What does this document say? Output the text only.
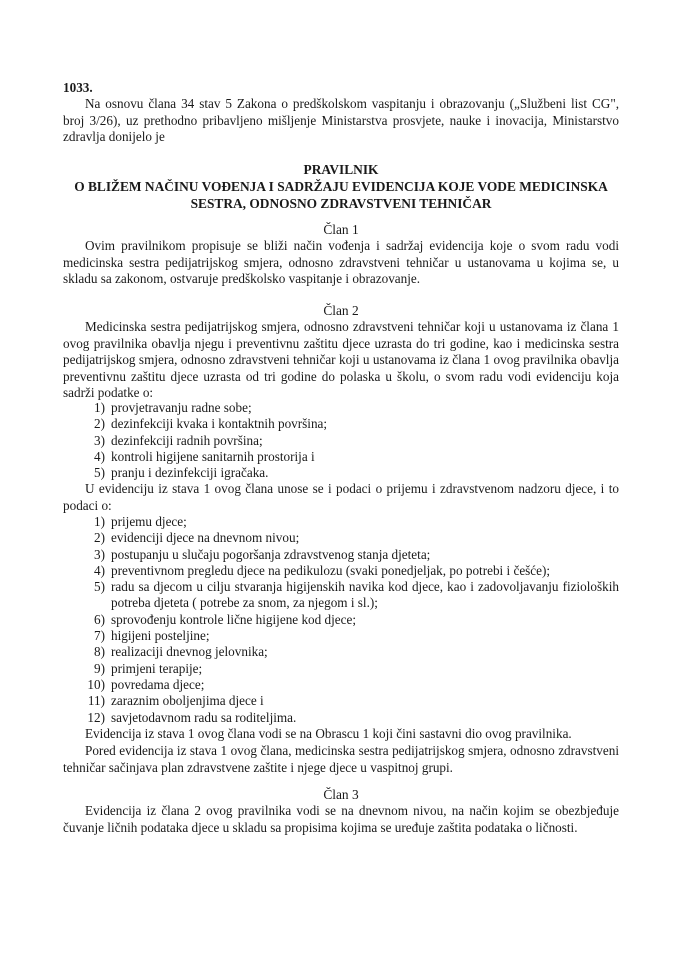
1033.
Na osnovu člana 34 stav 5 Zakona o predškolskom vaspitanju i obrazovanju („Službeni list CG", broj 3/26), uz prethodno pribavljeno mišljenje Ministarstva prosvjete, nauke i inovacija, Ministarstvo zdravlja donijelo je
PRAVILNIK
O BLIŽEM NAČINU VOĐENJA I SADRŽAJU EVIDENCIJA KOJE VODE MEDICINSKA
SESTRA, ODNOSNO ZDRAVSTVENI TEHNIČAR
Član 1
Ovim pravilnikom propisuje se bliži način vođenja i sadržaj evidencija koje o svom radu vodi medicinska sestra pedijatrijskog smjera, odnosno zdravstveni tehničar u ustanovama u kojima se, u skladu sa zakonom, ostvaruje predškolsko vaspitanje i obrazovanje.
Član 2
Medicinska sestra pedijatrijskog smjera, odnosno zdravstveni tehničar koji u ustanovama iz člana 1 ovog pravilnika obavlja njegu i preventivnu zaštitu djece uzrasta do tri godine, kao i medicinska sestra pedijatrijskog smjera, odnosno zdravstveni tehničar koji u ustanovama iz člana 1 ovog pravilnika obavlja preventivnu zaštitu djece uzrasta od tri godine do polaska u školu, o svom radu vodi evidenciju koja sadrži podatke o:
1) provjetravanju radne sobe;
2) dezinfekciji kvaka i kontaktnih površina;
3) dezinfekciji radnih površina;
4) kontroli higijene sanitarnih prostorija i
5) pranju i dezinfekciji igračaka.
U evidenciju iz stava 1 ovog člana unose se i podaci o prijemu i zdravstvenom nadzoru djece, i to podaci o:
1) prijemu djece;
2) evidenciji djece na dnevnom nivou;
3) postupanju u slučaju pogoršanja zdravstvenog stanja djeteta;
4) preventivnom pregledu djece na pedikulozu (svaki ponedjeljak, po potrebi i češće);
5) radu sa djecom u cilju stvaranja higijenskih navika kod djece, kao i zadovoljavanju fizioloških potreba djeteta ( potrebe za snom, za njegom i sl.);
6) sprovođenju kontrole lične higijene kod djece;
7) higijeni posteljine;
8) realizaciji dnevnog jelovnika;
9) primjeni terapije;
10) povredama djece;
11) zaraznim oboljenjima djece i
12) savjetodavnom radu sa roditeljima.
Evidencija iz stava 1 ovog člana vodi se na Obrascu 1 koji čini sastavni dio ovog pravilnika.
Pored evidencija iz stava 1 ovog člana, medicinska sestra pedijatrijskog smjera, odnosno zdravstveni tehničar sačinjava plan zdravstvene zaštite i njege djece u vaspitnoj grupi.
Član 3
Evidencija iz člana 2 ovog pravilnika vodi se na dnevnom nivou, na način kojim se obezbjeđuje čuvanje ličnih podataka djece u skladu sa propisima kojima se uređuje zaštita podataka o ličnosti.
